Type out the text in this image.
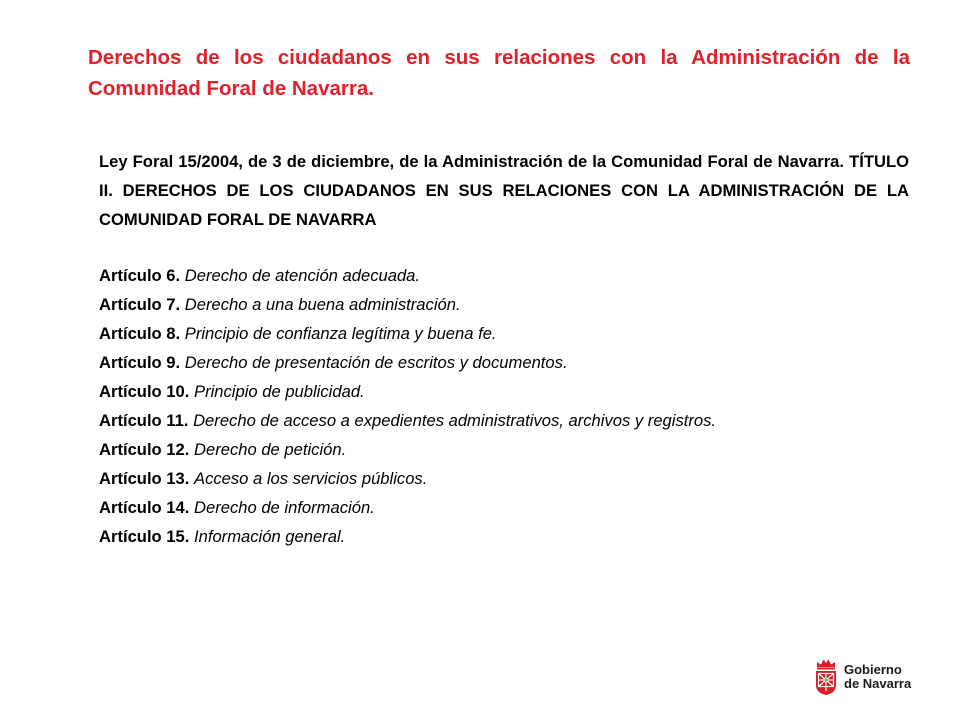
Derechos de los ciudadanos en sus relaciones con la Administración de la Comunidad Foral de Navarra.

Ley Foral 15/2004, de 3 de diciembre, de la Administración de la Comunidad Foral de Navarra. TÍTULO II. DERECHOS DE LOS CIUDADANOS EN SUS RELACIONES CON LA ADMINISTRACIÓN DE LA COMUNIDAD FORAL DE NAVARRA

Artículo 6. Derecho de atención adecuada.
Artículo 7. Derecho a una buena administración.
Artículo 8. Principio de confianza legítima y buena fe.
Artículo 9. Derecho de presentación de escritos y documentos.
Artículo 10. Principio de publicidad.
Artículo 11. Derecho de acceso a expedientes administrativos, archivos y registros.
Artículo 12. Derecho de petición.
Artículo 13. Acceso a los servicios públicos.
Artículo 14. Derecho de información.
Artículo 15. Información general.
Gobierno
de Navarra
